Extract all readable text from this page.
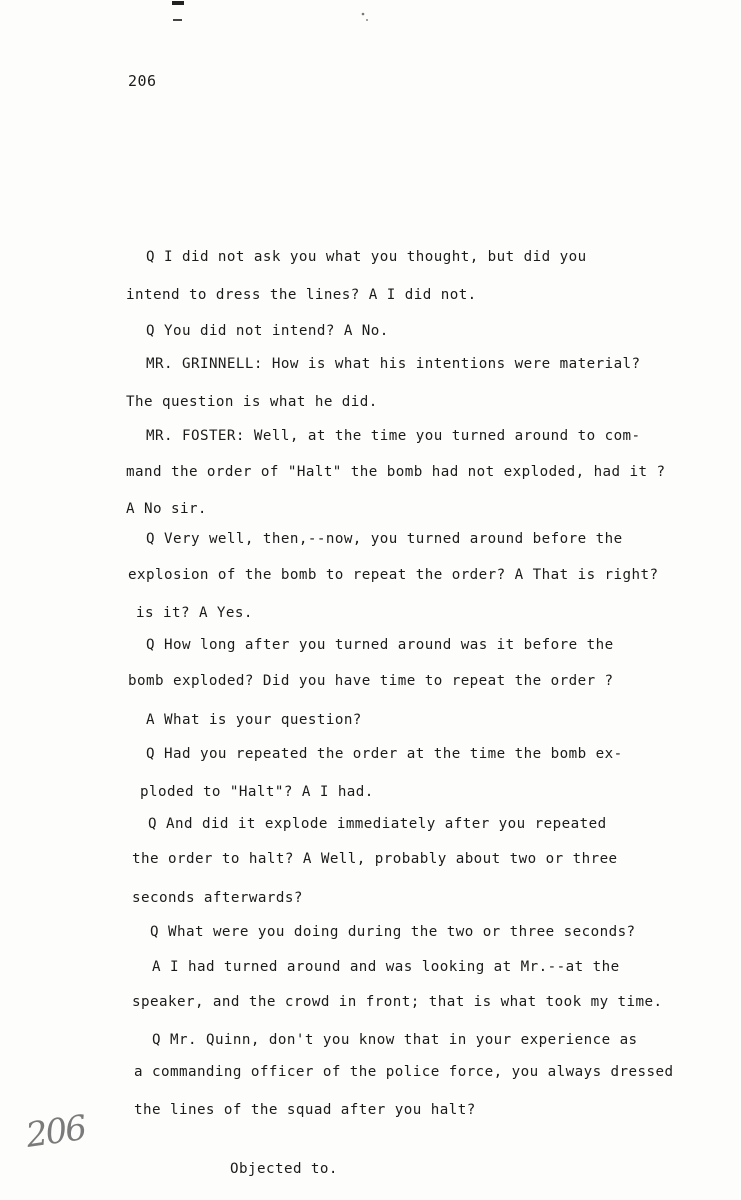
206
Q I did not ask you what you thought, but did you
intend to dress the lines? A I did not.
Q You did not intend? A No.
MR. GRINNELL: How is what his intentions were material?
The question is what he did.
MR. FOSTER: Well, at the time you turned around to com-
mand the order of "Halt" the bomb had not exploded, had it ?
A No sir.
Q Very well, then,--now, you turned around before the
explosion of the bomb to repeat the order? A That is right?
is it? A Yes.
Q How long after you turned around was it before the
bomb exploded? Did you have time to repeat the order ?
A What is your question?
Q Had you repeated the order at the time the bomb ex-
ploded to "Halt"? A I had.
Q And did it explode immediately after you repeated
the order to halt? A Well, probably about two or three
seconds afterwards?
Q What were you doing during the two or three seconds?
A I had turned around and was looking at Mr.--at the
speaker, and the crowd in front; that is what took my time.
Q Mr. Quinn, don't you know that in your experience as
a commanding officer of the police force, you always dressed
the lines of the squad after you halt?
Objected to.
206
